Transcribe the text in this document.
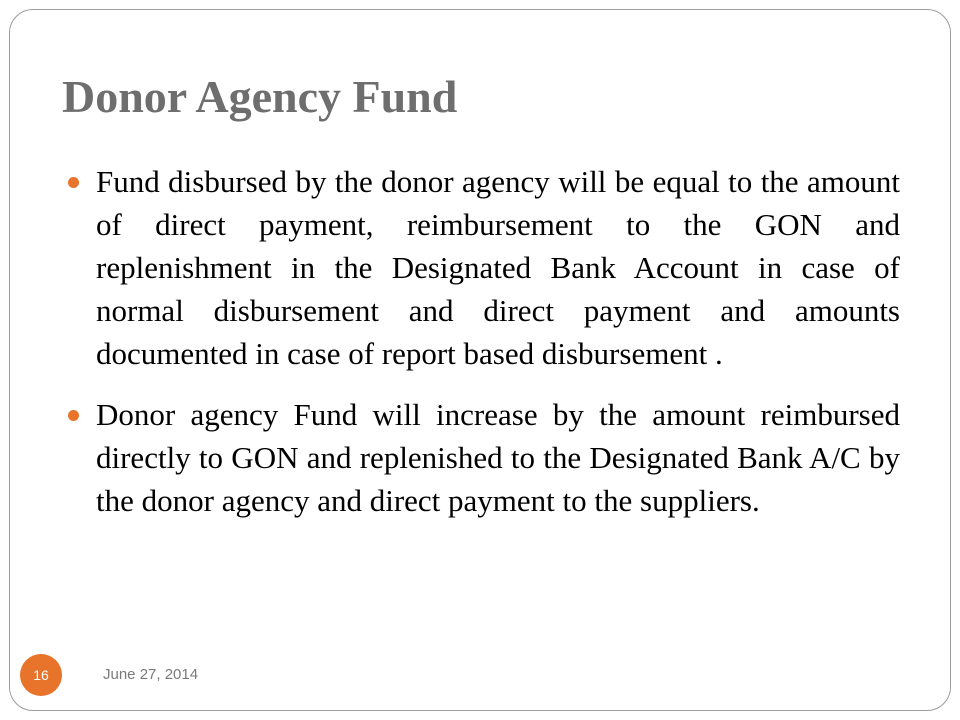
Donor Agency Fund
Fund disbursed by the donor agency will be equal to the amount of direct payment, reimbursement to the GON and replenishment in the Designated Bank Account in case of normal disbursement and direct payment and amounts documented in case of report based disbursement .
Donor agency Fund will increase by the amount reimbursed directly to GON and replenished to the Designated Bank A/C by the donor agency and direct payment to the suppliers.
16	June 27, 2014
